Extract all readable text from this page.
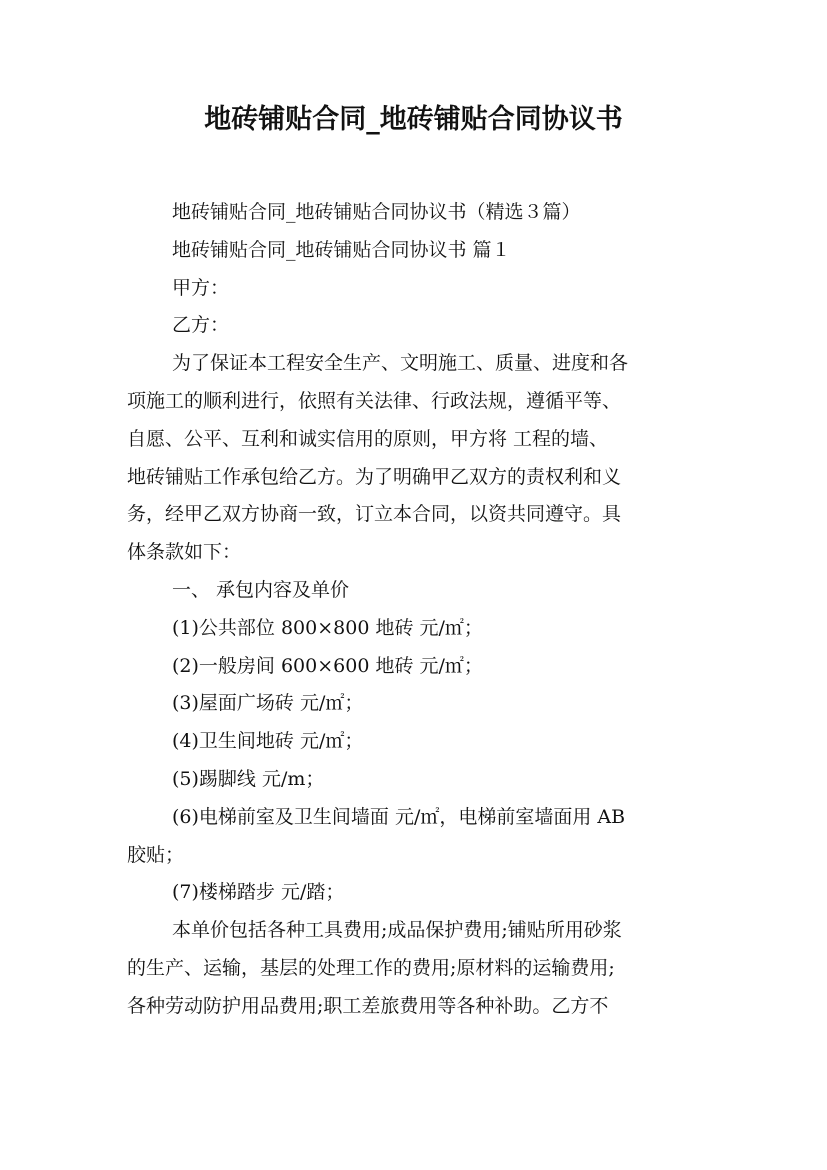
地砖铺贴合同_地砖铺贴合同协议书
地砖铺贴合同_地砖铺贴合同协议书（精选３篇）
地砖铺贴合同_地砖铺贴合同协议书 篇１
甲方：
乙方：
为了保证本工程安全生产、文明施工、质量、进度和各
项施工的顺利进行，依照有关法律、行政法规，遵循平等、
自愿、公平、互利和诚实信用的原则，甲方将 工程的墙、
地砖铺贴工作承包给乙方。为了明确甲乙双方的责权利和义
务，经甲乙双方协商一致，订立本合同，以资共同遵守。具
体条款如下：
一、 承包内容及单价
(1)公共部位 800×800 地砖 元/㎡；
(2)一般房间 600×600 地砖 元/㎡；
(3)屋面广场砖 元/㎡；
(4)卫生间地砖 元/㎡；
(5)踢脚线 元/m；
(6)电梯前室及卫生间墙面 元/㎡，电梯前室墙面用 AB
胶贴；
(7)楼梯踏步 元/踏；
本单价包括各种工具费用;成品保护费用;铺贴所用砂浆
的生产、运输，基层的处理工作的费用;原材料的运输费用;
各种劳动防护用品费用;职工差旅费用等各种补助。乙方不
